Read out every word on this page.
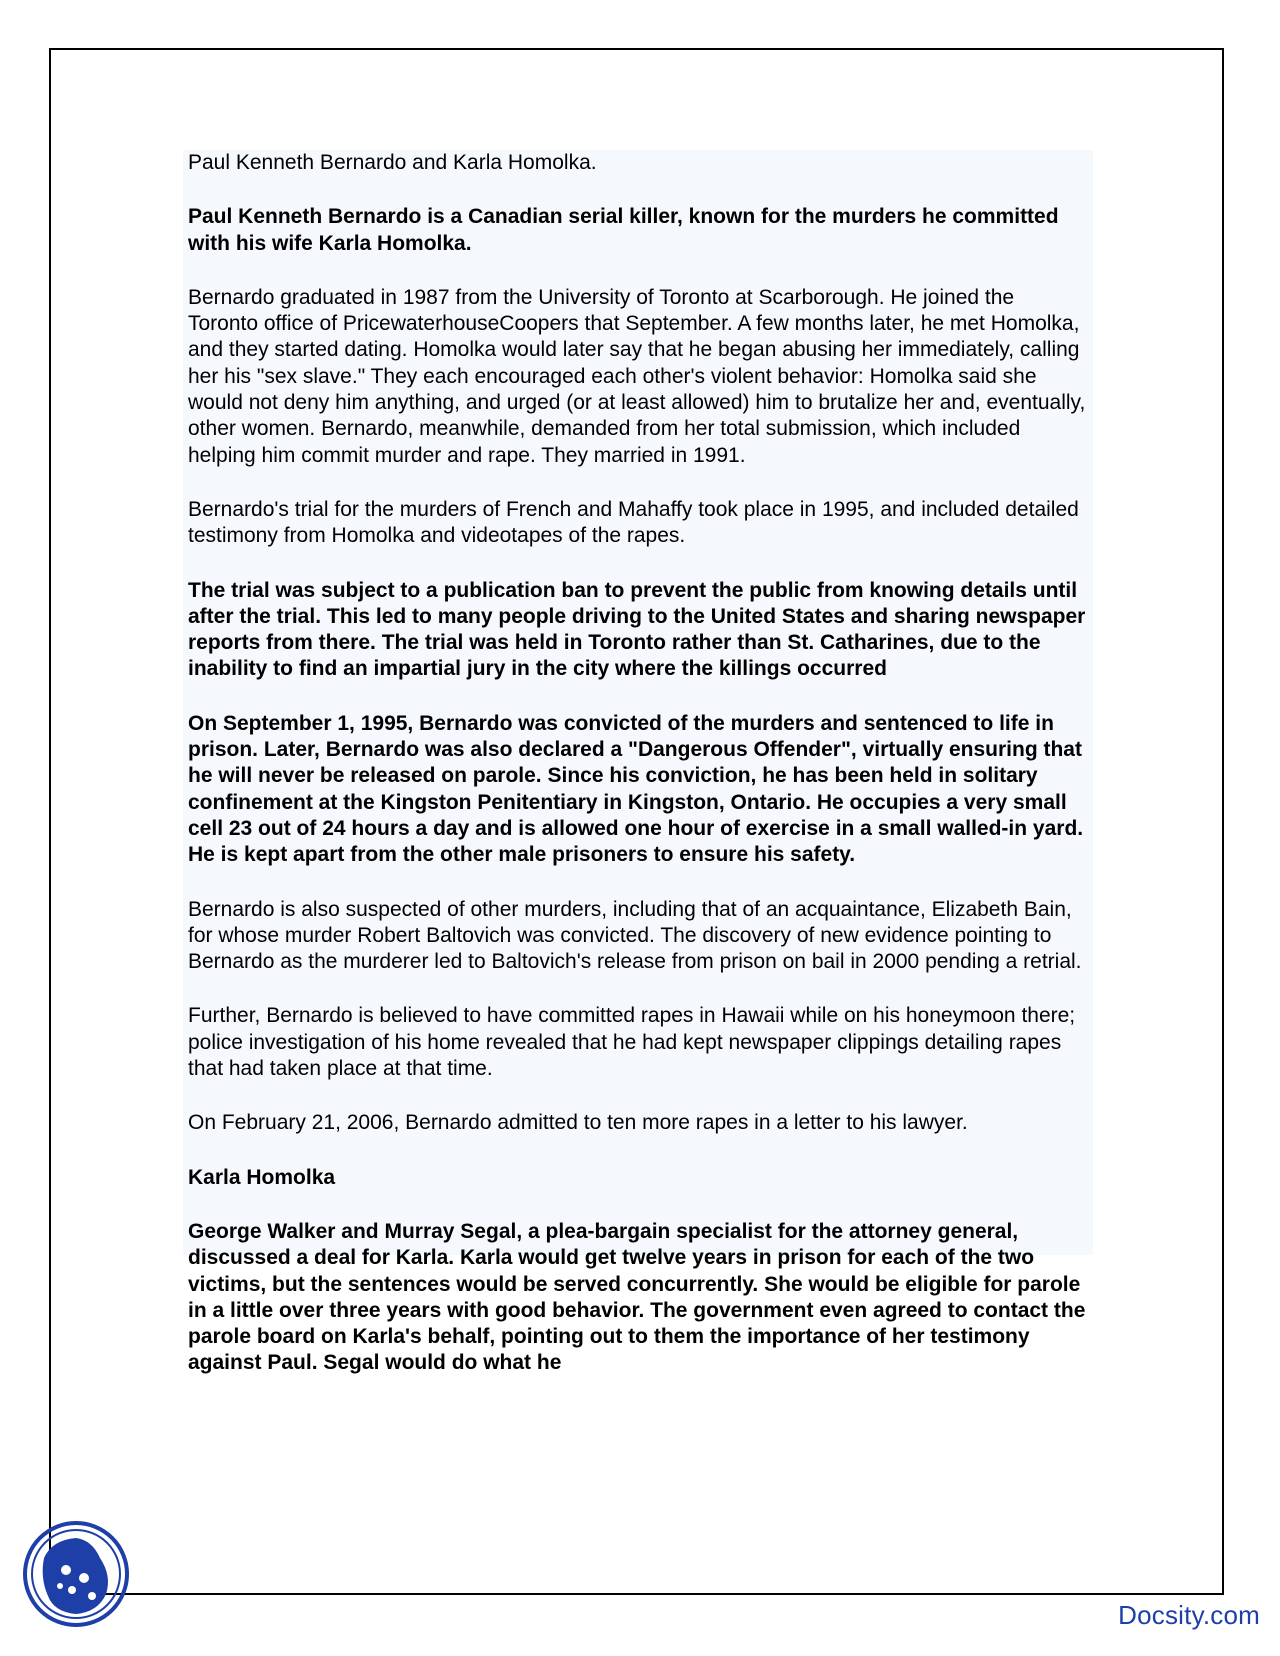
Paul Kenneth Bernardo and Karla Homolka.

Paul Kenneth Bernardo is a Canadian serial killer, known for the murders he committed with his wife Karla Homolka.

Bernardo graduated in 1987 from the University of Toronto at Scarborough. He joined the Toronto office of PricewaterhouseCoopers that September. A few months later, he met Homolka, and they started dating. Homolka would later say that he began abusing her immediately, calling her his "sex slave." They each encouraged each other's violent behavior: Homolka said she would not deny him anything, and urged (or at least allowed) him to brutalize her and, eventually, other women. Bernardo, meanwhile, demanded from her total submission, which included helping him commit murder and rape. They married in 1991.

Bernardo's trial for the murders of French and Mahaffy took place in 1995, and included detailed testimony from Homolka and videotapes of the rapes.

The trial was subject to a publication ban to prevent the public from knowing details until after the trial. This led to many people driving to the United States and sharing newspaper reports from there. The trial was held in Toronto rather than St. Catharines, due to the inability to find an impartial jury in the city where the killings occurred

On September 1, 1995, Bernardo was convicted of the murders and sentenced to life in prison. Later, Bernardo was also declared a "Dangerous Offender", virtually ensuring that he will never be released on parole. Since his conviction, he has been held in solitary confinement at the Kingston Penitentiary in Kingston, Ontario. He occupies a very small cell 23 out of 24 hours a day and is allowed one hour of exercise in a small walled-in yard. He is kept apart from the other male prisoners to ensure his safety.

Bernardo is also suspected of other murders, including that of an acquaintance, Elizabeth Bain, for whose murder Robert Baltovich was convicted. The discovery of new evidence pointing to Bernardo as the murderer led to Baltovich's release from prison on bail in 2000 pending a retrial.

Further, Bernardo is believed to have committed rapes in Hawaii while on his honeymoon there; police investigation of his home revealed that he had kept newspaper clippings detailing rapes that had taken place at that time.

On February 21, 2006, Bernardo admitted to ten more rapes in a letter to his lawyer.

Karla Homolka

George Walker and Murray Segal, a plea-bargain specialist for the attorney general, discussed a deal for Karla. Karla would get twelve years in prison for each of the two victims, but the sentences would be served concurrently. She would be eligible for parole in a little over three years with good behavior. The government even agreed to contact the parole board on Karla's behalf, pointing out to them the importance of her testimony against Paul. Segal would do what he

Docsity.com
